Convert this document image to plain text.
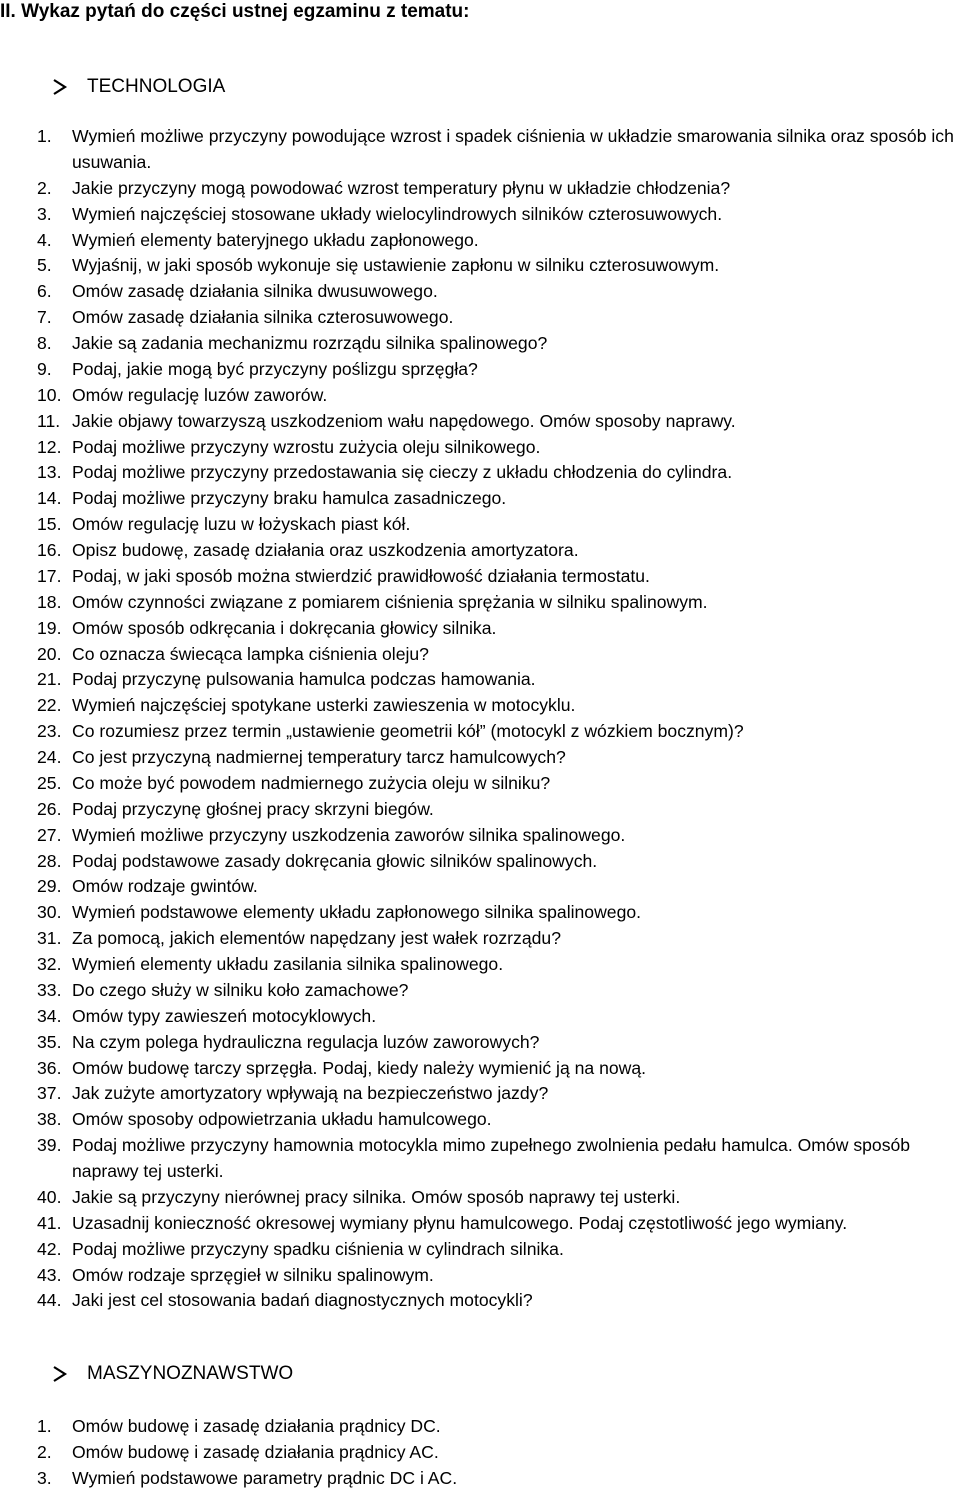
II. Wykaz pytań do części ustnej egzaminu z tematu:
TECHNOLOGIA
1. Wymień możliwe przyczyny powodujące wzrost i spadek ciśnienia w układzie smarowania silnika oraz sposób ich usuwania.
2. Jakie przyczyny mogą powodować wzrost temperatury płynu w układzie chłodzenia?
3. Wymień najczęściej stosowane układy wielocylindrowych silników czterosuwowych.
4. Wymień elementy bateryjnego układu zapłonowego.
5. Wyjaśnij, w jaki sposób wykonuje się ustawienie zapłonu w silniku czterosuwowym.
6. Omów zasadę działania silnika dwusuwowego.
7. Omów zasadę działania silnika czterosuwowego.
8. Jakie są zadania mechanizmu rozrządu silnika spalinowego?
9. Podaj, jakie mogą być przyczyny poślizgu sprzęgła?
10. Omów regulację luzów zaworów.
11. Jakie objawy towarzyszą uszkodzeniom wału napędowego. Omów sposoby naprawy.
12. Podaj możliwe przyczyny wzrostu zużycia oleju silnikowego.
13. Podaj możliwe przyczyny przedostawania się cieczy z układu chłodzenia do cylindra.
14. Podaj możliwe przyczyny braku hamulca zasadniczego.
15. Omów regulację luzu w łożyskach piast kół.
16. Opisz budowę, zasadę działania oraz uszkodzenia amortyzatora.
17. Podaj, w jaki sposób można stwierdzić prawidłowość działania termostatu.
18. Omów czynności związane z pomiarem ciśnienia sprężania w silniku spalinowym.
19. Omów sposób odkręcania i dokręcania głowicy silnika.
20. Co oznacza świecąca lampka ciśnienia oleju?
21. Podaj przyczynę pulsowania hamulca podczas hamowania.
22. Wymień najczęściej spotykane usterki zawieszenia w motocyklu.
23. Co rozumiesz przez termin „ustawienie geometrii kół” (motocykl z wózkiem bocznym)?
24. Co jest przyczyną nadmiernej temperatury tarcz hamulcowych?
25. Co może być powodem nadmiernego zużycia oleju w silniku?
26. Podaj przyczynę głośnej pracy skrzyni biegów.
27. Wymień możliwe przyczyny uszkodzenia zaworów silnika spalinowego.
28. Podaj podstawowe zasady dokręcania głowic silników spalinowych.
29. Omów rodzaje gwintów.
30. Wymień podstawowe elementy układu zapłonowego silnika spalinowego.
31. Za pomocą, jakich elementów napędzany jest wałek rozrządu?
32. Wymień elementy układu zasilania silnika spalinowego.
33. Do czego służy w silniku koło zamachowe?
34. Omów typy zawieszeń motocyklowych.
35. Na czym polega hydrauliczna regulacja luzów zaworowych?
36. Omów budowę tarczy sprzęgła. Podaj, kiedy należy wymienić ją na nową.
37. Jak zużyte amortyzatory wpływają na bezpieczeństwo jazdy?
38. Omów sposoby odpowietrzania układu hamulcowego.
39. Podaj możliwe przyczyny hamownia motocykla mimo zupełnego zwolnienia pedału hamulca. Omów sposób naprawy tej usterki.
40. Jakie są przyczyny nierównej pracy silnika. Omów sposób naprawy tej usterki.
41. Uzasadnij konieczność okresowej wymiany płynu hamulcowego. Podaj częstotliwość jego wymiany.
42. Podaj możliwe przyczyny spadku ciśnienia w cylindrach silnika.
43. Omów rodzaje sprzęgieł w silniku spalinowym.
44. Jaki jest cel stosowania badań diagnostycznych motocykli?
MASZYNOZNAWSTWO
1. Omów budowę i zasadę działania prądnicy DC.
2. Omów budowę i zasadę działania prądnicy AC.
3. Wymień podstawowe parametry prądnic DC i AC.
